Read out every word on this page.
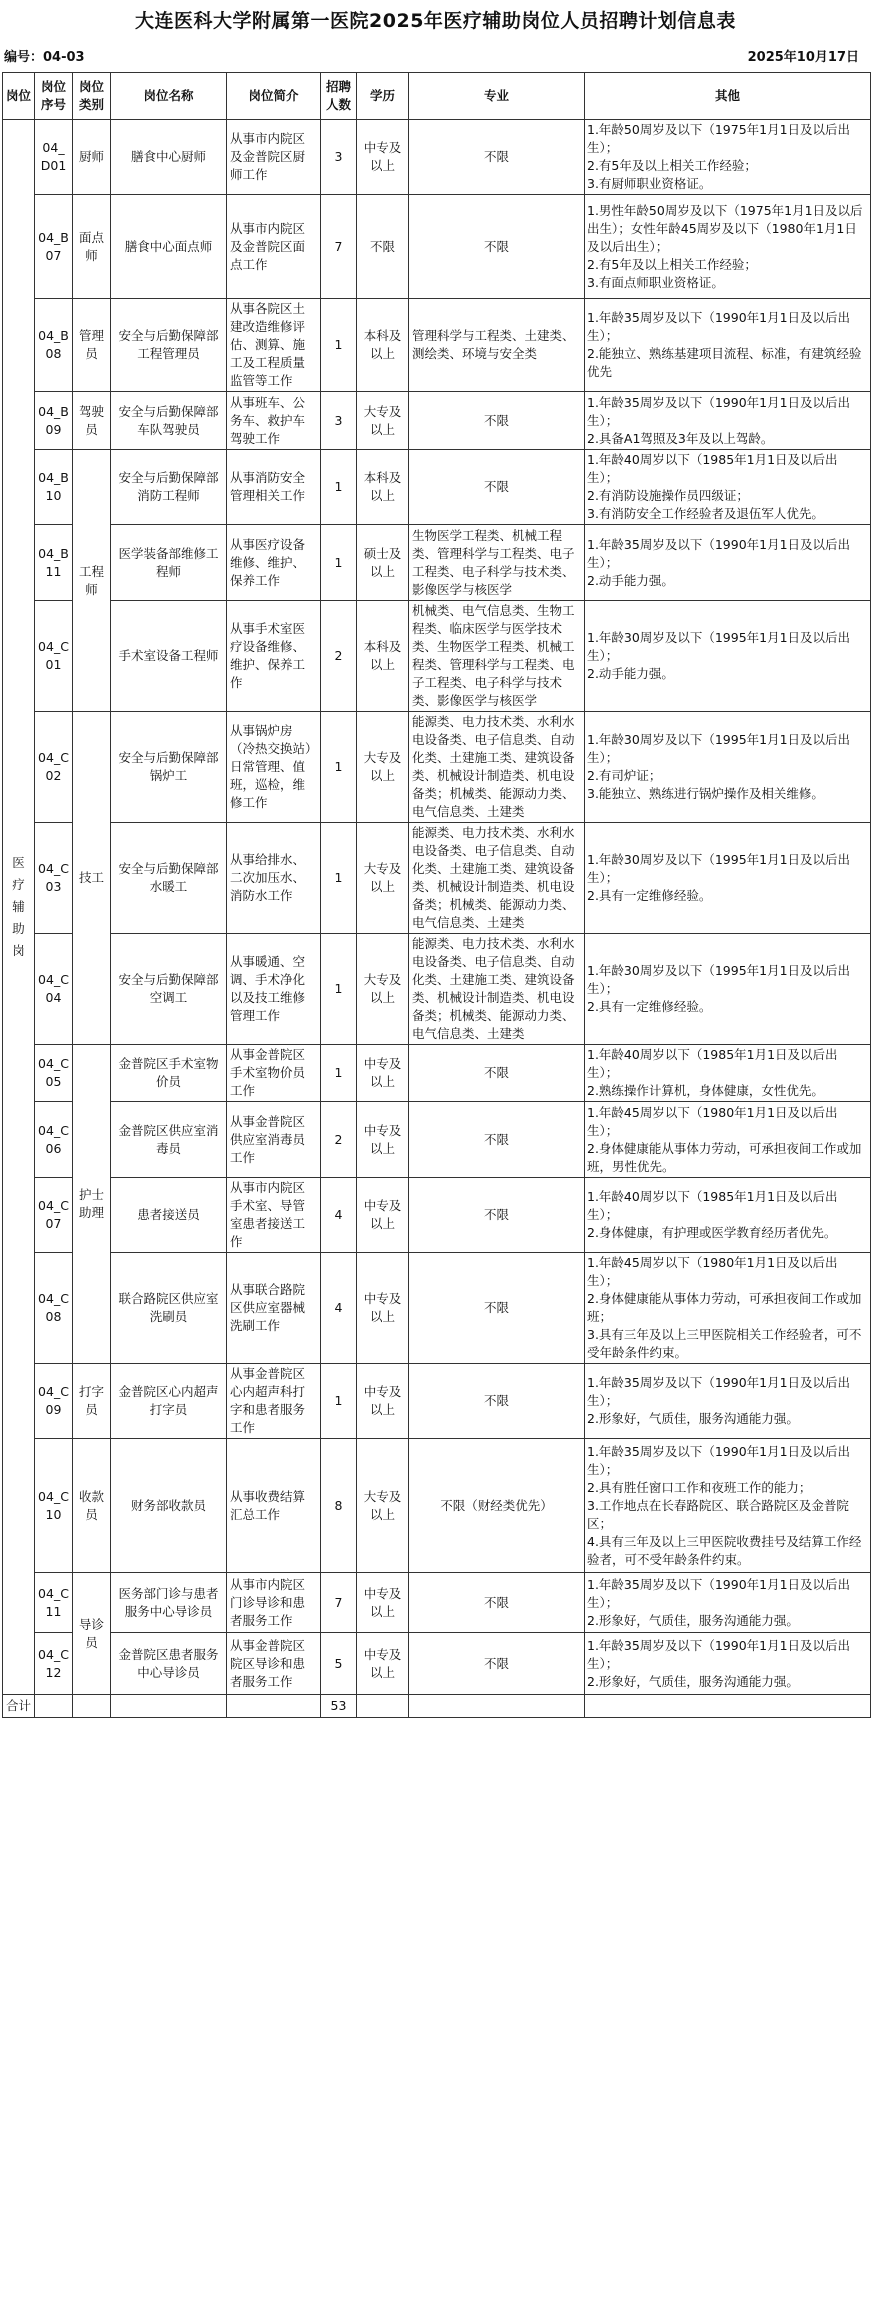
大连医科大学附属第一医院2025年医疗辅助岗位人员招聘计划信息表
编号：04-03	2025年10月17日
岗位	岗位序号	岗位类别	岗位名称	岗位简介	招聘人数	学历	专业	其他

医疗辅助岗	04_D01	厨师	膳食中心厨师	从事市内院区及金普院区厨师工作	3	中专及以上	不限	1.年龄50周岁及以下（1975年1月1日及以后出生）；
2.有5年及以上相关工作经验；
3.有厨师职业资格证。

	04_B07	面点师	膳食中心面点师	从事市内院区及金普院区面点工作	7	不限	不限	1.男性年龄50周岁及以下（1975年1月1日及以后出生）；女性年龄45周岁及以下（1980年1月1日及以后出生）；
2.有5年及以上相关工作经验；
3.有面点师职业资格证。

	04_B08	管理员	安全与后勤保障部工程管理员	从事各院区土建改造维修评估、测算、施工及工程质量监管等工作	1	本科及以上	管理科学与工程类、土建类、测绘类、环境与安全类	1.年龄35周岁及以下（1990年1月1日及以后出生）；
2.能独立、熟练基建项目流程、标准，有建筑经验优先

	04_B09	驾驶员	安全与后勤保障部车队驾驶员	从事班车、公务车、救护车驾驶工作	3	大专及以上	不限	1.年龄35周岁及以下（1990年1月1日及以后出生）；
2.具备A1驾照及3年及以上驾龄。

	04_B10	工程师	安全与后勤保障部消防工程师	从事消防安全管理相关工作	1	本科及以上	不限	1.年龄40周岁以下（1985年1月1日及以后出生）；
2.有消防设施操作员四级证；
3.有消防安全工作经验者及退伍军人优先。

	04_B11		医学装备部维修工程师	从事医疗设备维修、维护、保养工作	1	硕士及以上	生物医学工程类、机械工程类、管理科学与工程类、电子工程类、电子科学与技术类、影像医学与核医学	1.年龄35周岁及以下（1990年1月1日及以后出生）；
2.动手能力强。

	04_C01		手术室设备工程师	从事手术室医疗设备维修、维护、保养工作	2	本科及以上	机械类、电气信息类、生物工程类、临床医学与医学技术类、生物医学工程类、机械工程类、管理科学与工程类、电子工程类、电子科学与技术类、影像医学与核医学	1.年龄30周岁及以下（1995年1月1日及以后出生）；
2.动手能力强。

	04_C02	技工	安全与后勤保障部锅炉工	从事锅炉房（冷热交换站）日常管理、值班，巡检，维修工作	1	大专及以上	能源类、电力技术类、水利水电设备类、电子信息类、自动化类、土建施工类、建筑设备类、机械设计制造类、机电设备类；机械类、能源动力类、电气信息类、土建类	1.年龄30周岁及以下（1995年1月1日及以后出生）；
2.有司炉证；
3.能独立、熟练进行锅炉操作及相关维修。

	04_C03		安全与后勤保障部水暖工	从事给排水、二次加压水、消防水工作	1	大专及以上	能源类、电力技术类、水利水电设备类、电子信息类、自动化类、土建施工类、建筑设备类、机械设计制造类、机电设备类；机械类、能源动力类、电气信息类、土建类	1.年龄30周岁及以下（1995年1月1日及以后出生）；
2.具有一定维修经验。

	04_C04		安全与后勤保障部空调工	从事暖通、空调、手术净化以及技工维修管理工作	1	大专及以上	能源类、电力技术类、水利水电设备类、电子信息类、自动化类、土建施工类、建筑设备类、机械设计制造类、机电设备类；机械类、能源动力类、电气信息类、土建类	1.年龄30周岁及以下（1995年1月1日及以后出生）；
2.具有一定维修经验。

	04_C05	护士助理	金普院区手术室物价员	从事金普院区手术室物价员工作	1	中专及以上	不限	1.年龄40周岁以下（1985年1月1日及以后出生）；
2.熟练操作计算机，身体健康，女性优先。

	04_C06		金普院区供应室消毒员	从事金普院区供应室消毒员工作	2	中专及以上	不限	1.年龄45周岁以下（1980年1月1日及以后出生）；
2.身体健康能从事体力劳动，可承担夜间工作或加班，男性优先。

	04_C07		患者接送员	从事市内院区手术室、导管室患者接送工作	4	中专及以上	不限	1.年龄40周岁以下（1985年1月1日及以后出生）；
2.身体健康，有护理或医学教育经历者优先。

	04_C08		联合路院区供应室洗刷员	从事联合路院区供应室器械洗刷工作	4	中专及以上	不限	1.年龄45周岁以下（1980年1月1日及以后出生）；
2.身体健康能从事体力劳动，可承担夜间工作或加班；
3.具有三年及以上三甲医院相关工作经验者，可不受年龄条件约束。

	04_C09	打字员	金普院区心内超声打字员	从事金普院区心内超声科打字和患者服务工作	1	中专及以上	不限	1.年龄35周岁及以下（1990年1月1日及以后出生）；
2.形象好，气质佳，服务沟通能力强。

	04_C10	收款员	财务部收款员	从事收费结算汇总工作	8	大专及以上	不限（财经类优先）	1.年龄35周岁及以下（1990年1月1日及以后出生）；
2.具有胜任窗口工作和夜班工作的能力；
3.工作地点在长春路院区、联合路院区及金普院区；
4.具有三年及以上三甲医院收费挂号及结算工作经验者，可不受年龄条件约束。

	04_C11	导诊员	医务部门诊与患者服务中心导诊员	从事市内院区门诊导诊和患者服务工作	7	中专及以上	不限	1.年龄35周岁及以下（1990年1月1日及以后出生）；
2.形象好，气质佳，服务沟通能力强。

	04_C12		金普院区患者服务中心导诊员	从事金普院区院区导诊和患者服务工作	5	中专及以上	不限	1.年龄35周岁及以下（1990年1月1日及以后出生）；
2.形象好，气质佳，服务沟通能力强。

合计					53			
